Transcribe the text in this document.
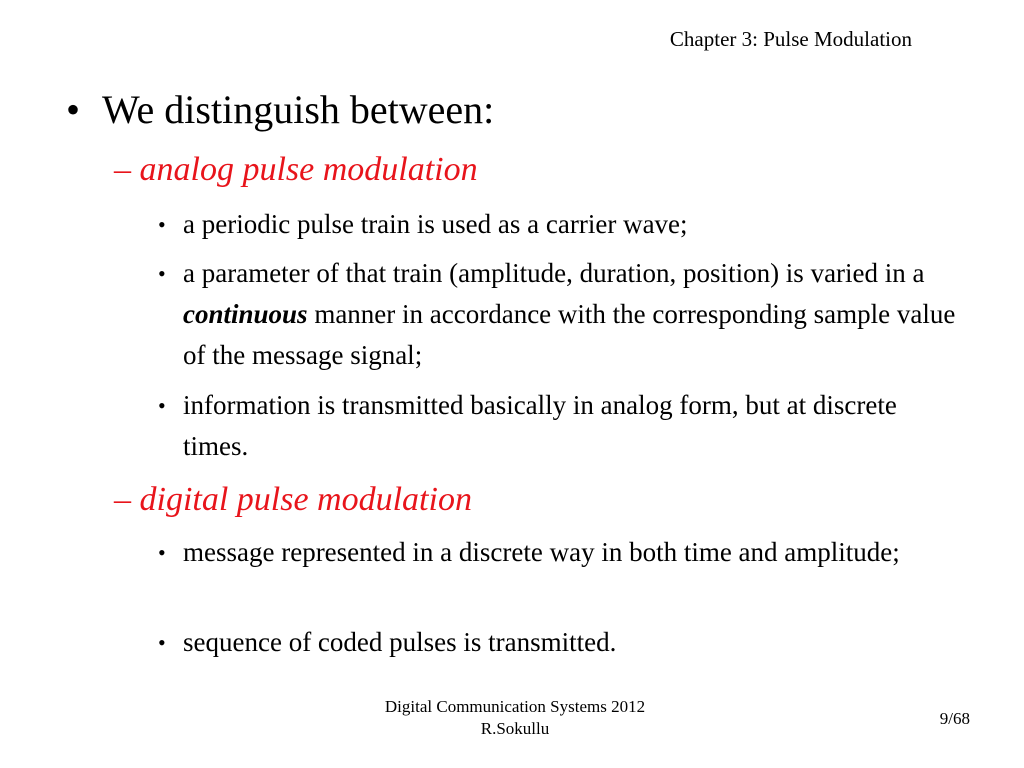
Chapter 3: Pulse Modulation
• We distinguish between:
– analog pulse modulation
• a periodic pulse train is used as a carrier wave;
• a parameter of that train (amplitude, duration, position) is varied in a continuous manner in accordance with the corresponding sample value of the message signal;
• information is transmitted basically in analog form, but at discrete times.
– digital pulse modulation
• message represented in a discrete way in both time and amplitude;
• sequence of coded pulses is transmitted.
Digital Communication Systems 2012
R.Sokullu
9/68
